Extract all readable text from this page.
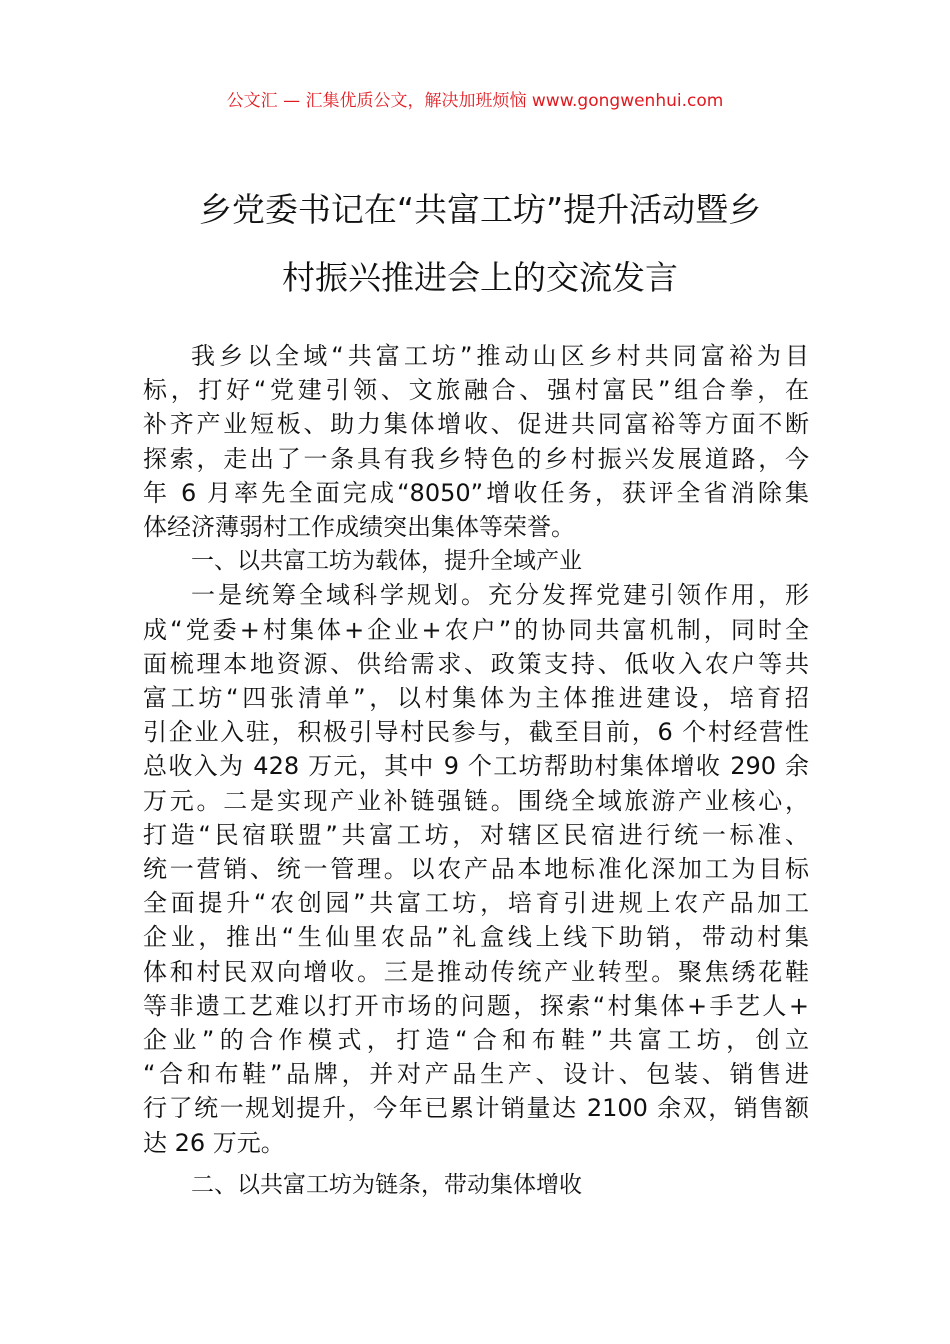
公文汇 — 汇集优质公文，解决加班烦恼 www.gongwenhui.com
乡党委书记在“共富工坊”提升活动暨乡
村振兴推进会上的交流发言
我乡以全域“共富工坊”推动山区乡村共同富裕为目
标，打好“党建引领、文旅融合、强村富民”组合拳，在
补齐产业短板、助力集体增收、促进共同富裕等方面不断
探索，走出了一条具有我乡特色的乡村振兴发展道路，今
年 6 月率先全面完成“8050”增收任务，获评全省消除集
体经济薄弱村工作成绩突出集体等荣誉。
一、以共富工坊为载体，提升全域产业
一是统筹全域科学规划。充分发挥党建引领作用，形
成“党委+村集体+企业+农户”的协同共富机制，同时全
面梳理本地资源、供给需求、政策支持、低收入农户等共
富工坊“四张清单”，以村集体为主体推进建设，培育招
引企业入驻，积极引导村民参与，截至目前，6 个村经营性
总收入为 428 万元，其中 9 个工坊帮助村集体增收 290 余
万元。二是实现产业补链强链。围绕全域旅游产业核心，
打造“民宿联盟”共富工坊，对辖区民宿进行统一标准、
统一营销、统一管理。以农产品本地标准化深加工为目标
全面提升“农创园”共富工坊，培育引进规上农产品加工
企业，推出“生仙里农品”礼盒线上线下助销，带动村集
体和村民双向增收。三是推动传统产业转型。聚焦绣花鞋
等非遗工艺难以打开市场的问题，探索“村集体+手艺人+
企业”的合作模式，打造“合和布鞋”共富工坊，创立
“合和布鞋”品牌，并对产品生产、设计、包装、销售进
行了统一规划提升，今年已累计销量达 2100 余双，销售额
达 26 万元。
二、以共富工坊为链条，带动集体增收
